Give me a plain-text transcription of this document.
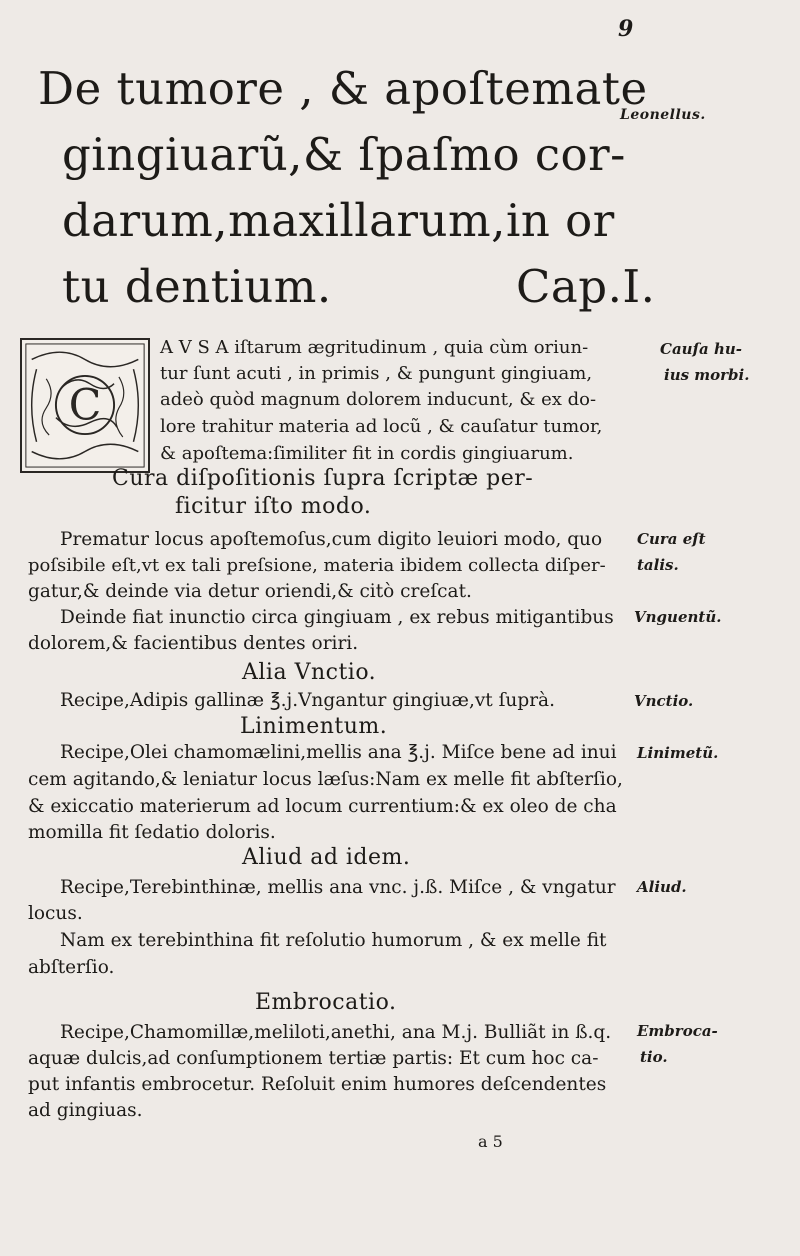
9
De tumore , & apoſtemate
gingiuarũ,& ſpaſmo cor-
darum,maxillarum,in or
tu dentium.	Cap.I.
Leonellus.
C
A V S A iſtarum ægritudinum , quia cùm oriun-
tur ſunt acuti , in primis , & pungunt gingiuam,
adeò quòd magnum dolorem inducunt, & ex do-
lore trahitur materia ad locũ , & cauſatur tumor,
& apoſtema:ſimiliter fit in cordis gingiuarum.
Cauſa hu-
ius morbi.
Cura diſpoſitionis ſupra ſcriptæ per-
ficitur iſto modo.
Prematur locus apoſtemoſus,cum digito leuiori modo, quo
poſsibile eſt,vt ex tali preſsione, materia ibidem collecta diſper-
gatur,& deinde via detur oriendi,& citò creſcat.
Deinde fiat inunctio circa gingiuam , ex rebus mitigantibus
dolorem,& facientibus dentes oriri.
Cura eſt
talis.
Vnguentũ.
Alia Vnctio.
Recipe,Adipis gallinæ ℥.j.Vngantur gingiuæ,vt ſuprà.	Vnctio.
Linimentum.
Recipe,Olei chamomælini,mellis ana ℥.j. Miſce bene ad inui
cem agitando,& leniatur locus læſus:Nam ex melle fit abſterſio,
& exiccatio materierum ad locum currentium:& ex oleo de cha
momilla fit ſedatio doloris.
Linimetũ.
Aliud ad idem.
Recipe,Terebinthinæ, mellis ana vnc. j.ß. Miſce , & vngatur
locus.
Nam ex terebinthina fit reſolutio humorum , & ex melle fit
abſterſio.
Aliud.
Embrocatio.
Recipe,Chamomillæ,meliloti,anethi, ana M.j. Bulliãt in ß.q.
aquæ dulcis,ad conſumptionem tertiæ partis: Et cum hoc ca-
put infantis embrocetur. Reſoluit enim humores deſcendentes
ad gingiuas.
Embroca-
tio.
a 5
